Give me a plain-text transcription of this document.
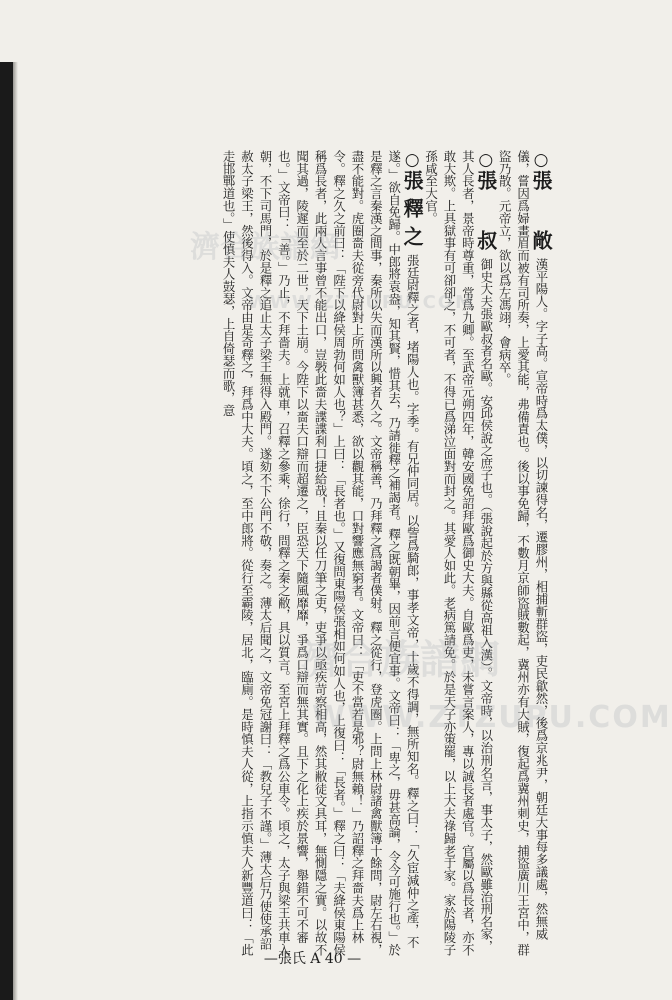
○張 敞漢平陽人。字子高。宣帝時爲太僕，以切諫得名，遷膠州，相捕斬群盜，吏民歙然，後爲京兆尹，朝廷大事每多議處，然無威儀，嘗因爲婦畫眉而被有司所奏，上愛其能，弗備責也。後以事免歸，不數月京師盜賊數起，冀州亦有大賊，復起爲冀州刺史，捕盜廣川王宮中，群盜乃散。元帝立，欲以爲左馮翊，會病卒。

○張 叔御史大夫張歐叔者名歐。安邱侯說之庶子也。（張說起於方與縣從高祖入漢）。文帝時，以治刑名言，事太子，然歐雖治刑名家，其人長者，景帝時尊重，常爲九卿。至武帝元朔四年，韓安國免詔拜歐爲御史大夫。自歐爲吏，未嘗言案人，專以誠長者處官。官屬以爲長者，亦不敢大欺。上具獄事有可卻卻之，不可者，不得已爲涕泣面對而封之。其愛人如此。老病篤請免。於是天子亦策罷，以上大夫祿歸老于家。家於陽陵子孫咸至大官。

○張釋之張廷尉釋之者，堵陽人也。字季。有兄仲同居。以訾爲騎郎，事孝文帝，十歲不得調，無所知名。釋之曰：「久宦減仲之產，不遂。」欲自免歸。中郎將袁盎，知其賢，惜其去，乃請徙釋之補謁者。釋之既朝畢，因前言便宜事。文帝曰：「卑之，毋甚高論，令今可施行也。」於是釋之言秦漢之間事，秦所以失而漢所以興者久之。文帝稱善，乃拜釋之爲謁者僕射。釋之從行，登虎圈。上問上林尉諸禽獸簿十餘問，尉左右視，盡不能對。虎圈嗇夫從旁代尉對上所問禽獸簿甚悉，欲以觀其能，口對響應無窮者。文帝曰：「吏不當若是邪？尉無賴！」乃詔釋之拜嗇夫爲上林令。釋之久之前曰：「陛下以絳侯周勃何如人也？」上曰：「長者也。」又復問東陽侯張相如何如人也，上復曰：「長者。」釋之曰：「夫絳侯東陽侯稱爲長者，此兩人言事曾不能出口，豈斅此嗇夫諜諜利口捷給哉！且秦以任刀筆之吏，吏爭以亟疾苛察相高，然其敝徒文具耳，無惻隱之實。以故不聞其過，陵遲而至於二世，天下土崩。今陛下以嗇夫口辯而超遷之，臣恐天下隨風靡靡，爭爲口辯而無其實。且下之化上疾於景響，舉錯不可不審也。」文帝曰：「善。」乃止，不拜嗇夫。上就車，召釋之參乘，徐行，問釋之秦之敝，具以質言。至宮上拜釋之爲公車令。頃之，太子與梁王共車入朝，不下司馬門，於是釋之追止太子梁王無得入殿門。遂劾不下公門不敬，奏之。薄太后聞之，文帝免冠謝曰：「教兒子不謹。」薄太后乃使使承詔赦太子梁王，然後得入。文帝由是奇釋之，拜爲中大夫。頃之，至中郎將。從行至霸陵，居北，臨廁。是時慎夫人從，上指示慎夫人新豐道曰：「此走邯鄲道也。」使慎夫人鼓瑟，上自倚瑟而歌，意

濟合族譜網
WWW.ZTZUPU.COM
濟合族譜網
WWW.ZTZUPU.COM
—張氏 A 40 —
